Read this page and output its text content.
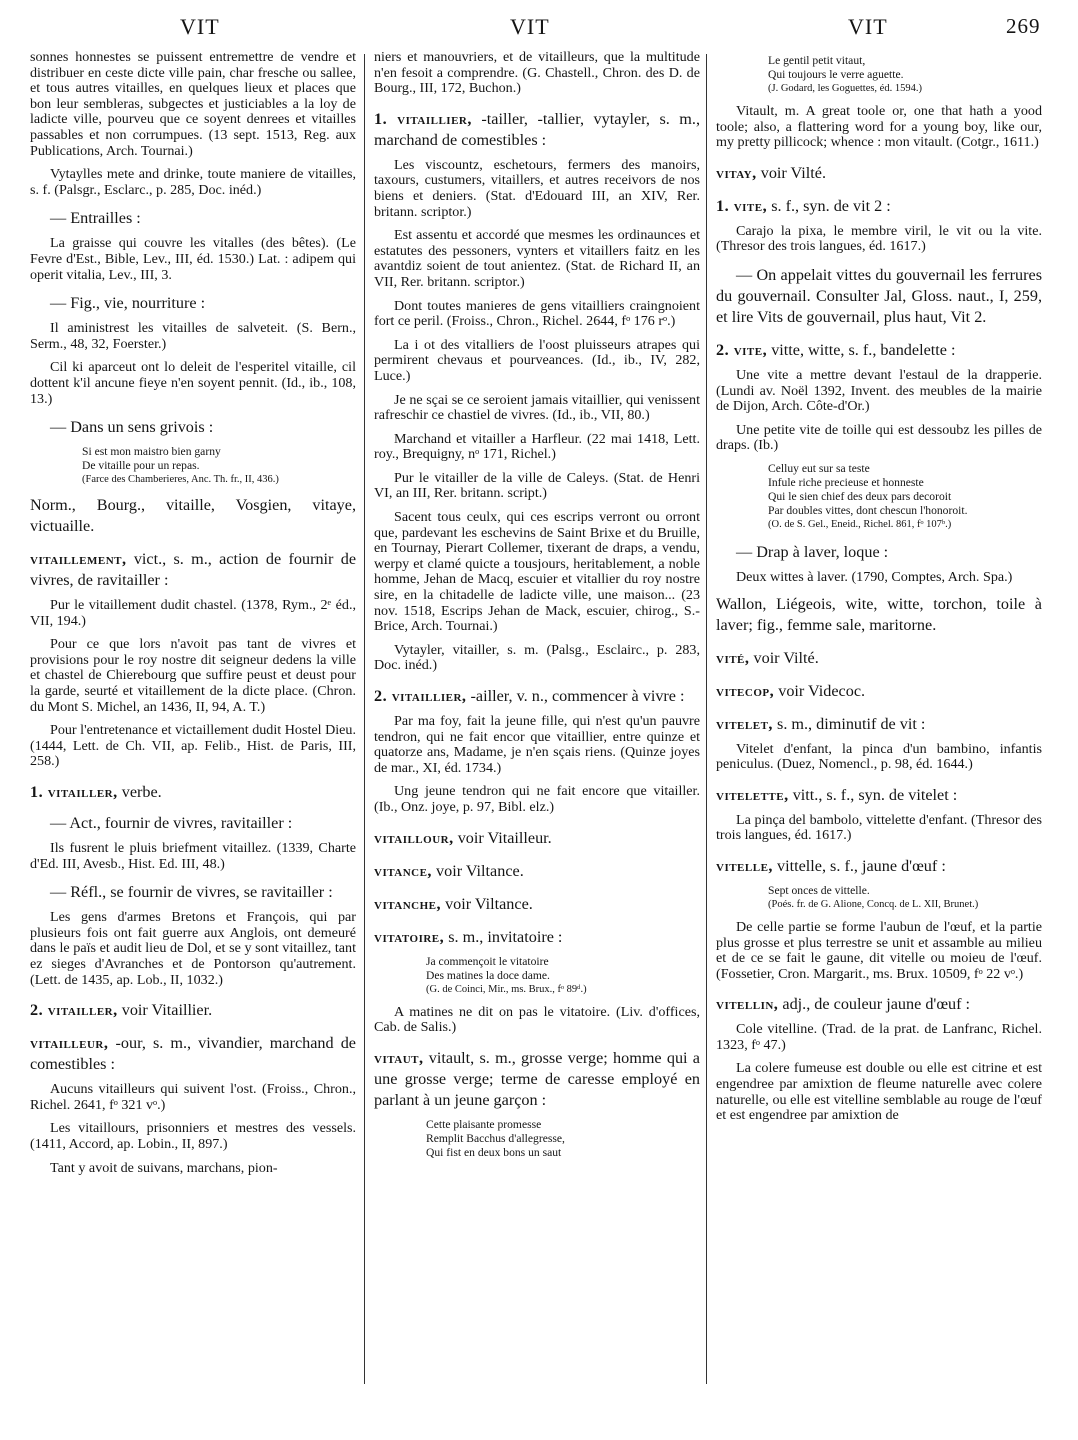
VIT	VIT	VIT	269
sonnes honnestes se puissent entremettre de vendre et distribuer en ceste dicte ville pain, char fresche ou sallee, et tous autres vitailles, en quelques lieux et places que bon leur sembleras, subgectes et justiciables a la loy de ladicte ville, pourveu que ce soyent denrees et vitailles passables et non corrumpues. (13 sept. 1513, Reg. aux Publications, Arch. Tournai.)
Vytaylles mete and drinke, toute maniere de vitailles, s. f. (Palsgr., Esclarc., p. 285, Doc. inéd.)
— Entrailles :
La graisse qui couvre les vitalles (des bêtes). (Le Fevre d'Est., Bible, Lev., III, éd. 1530.) Lat. : adipem qui operit vitalia, Lev., III, 3.
— Fig., vie, nourriture :
Il aministrest les vitailles de salveteit. (S. Bern., Serm., 48, 32, Foerster.)
Cil ki aparceut ont lo deleit de l'esperitel vitaille, cil dottent k'il ancune fieye n'en soyent pennit. (Id., ib., 108, 13.)
— Dans un sens grivois :
Si est mon maistro bien garny
De vitaille pour un repas.
(Farce des Chamberieres, Anc. Th. fr., II, 436.)
Norm., Bourg., vitaille, Vosgien, vitaye, victuaille.
vitaillement, vict., s. m., action de fournir de vivres, de ravitailler :
Pur le vitaillement dudit chastel. (1378, Rym., 2ᵉ éd., VII, 194.)
Pour ce que lors n'avoit pas tant de vivres et provisions pour le roy nostre dit seigneur dedens la ville et chastel de Chierebourg que suffire peust et deust pour la garde, seurté et vitaillement de la dicte place. (Chron. du Mont S. Michel, an 1436, II, 94, A. T.)
Pour l'entretenance et victaillement dudit Hostel Dieu. (1444, Lett. de Ch. VII, ap. Felib., Hist. de Paris, III, 258.)
1. vitailler, verbe.
— Act., fournir de vivres, ravitailler :
Ils fusrent le pluis briefment vitaillez. (1339, Charte d'Ed. III, Avesb., Hist. Ed. III, 48.)
— Réfl., se fournir de vivres, se ravitailler :
Les gens d'armes Bretons et François, qui par plusieurs fois ont fait guerre aux Anglois, ont demeuré dans le païs et audit lieu de Dol, et se y sont vitaillez, tant ez sieges d'Avranches et de Pontorson qu'autrement. (Lett. de 1435, ap. Lob., II, 1032.)
2. vitailler, voir Vitaillier.
vitailleur, -our, s. m., vivandier, marchand de comestibles :
Aucuns vitailleurs qui suivent l'ost. (Froiss., Chron., Richel. 2641, fᵒ 321 vᵒ.)
Les vitaillours, prisonniers et mestres des vessels. (1411, Accord, ap. Lobin., II, 897.)
Tant y avoit de suivans, marchans, pion-
niers et manouvriers, et de vitailleurs, que la multitude n'en fesoit a comprendre. (G. Chastell., Chron. des D. de Bourg., III, 172, Buchon.)
1. vitaillier, -tailler, -tallier, vytayler, s. m., marchand de comestibles :
Les viscountz, eschetours, fermers des manoirs, taxours, custumers, vitaillers, et autres receivors de nos biens et deniers. (Stat. d'Edouard III, an XIV, Rer. britann. scriptor.)
Est assentu et accordé que mesmes les ordinaunces et estatutes des pessoners, vynters et vitaillers faitz en les avantdiz soient de tout anientez. (Stat. de Richard II, an VII, Rer. britann. scriptor.)
Dont toutes manieres de gens vitailliers craingnoient fort ce peril. (Froiss., Chron., Richel. 2644, fᵒ 176 rᵒ.)
La i ot des vitalliers de l'oost pluisseurs atrapes qui permirent chevaus et pourveances. (Id., ib., IV, 282, Luce.)
Je ne sçai se ce seroient jamais vitaillier, qui venissent rafreschir ce chastiel de vivres. (Id., ib., VII, 80.)
Marchand et vitailler a Harfleur. (22 mai 1418, Lett. roy., Brequigny, nᵒ 171, Richel.)
Pur le vitailler de la ville de Caleys. (Stat. de Henri VI, an III, Rer. britann. script.)
Sacent tous ceulx, qui ces escrips verront ou orront que, pardevant les eschevins de Saint Brixe et du Bruille, en Tournay, Pierart Collemer, tixerant de draps, a vendu, werpy et clamé quicte a tousjours, heritablement, a noble homme, Jehan de Macq, escuier et vitallier du roy nostre sire, en la chitadelle de ladicte ville, une maison... (23 nov. 1518, Escrips Jehan de Mack, escuier, chirog., S.-Brice, Arch. Tournai.)
Vytayler, vitailler, s. m. (Palsg., Esclairc., p. 283, Doc. inéd.)
2. vitaillier, -ailler, v. n., commencer à vivre :
Par ma foy, fait la jeune fille, qui n'est qu'un pauvre tendron, qui ne fait encor que vitaillier, entre quinze et quatorze ans, Madame, je n'en sçais riens. (Quinze joyes de mar., XI, éd. 1734.)
Ung jeune tendron qui ne fait encore que vitailler. (Ib., Onz. joye, p. 97, Bibl. elz.)
vitaillour, voir Vitailleur.
vitance, voir Viltance.
vitanche, voir Viltance.
vitatoire, s. m., invitatoire :
Ja commençoit le vitatoire
Des matines la doce dame.
(G. de Coinci, Mir., ms. Brux., fᵒ 89ᵈ.)
A matines ne dit on pas le vitatoire. (Liv. d'offices, Cab. de Salis.)
vitaut, vitault, s. m., grosse verge; homme qui a une grosse verge; terme de caresse employé en parlant à un jeune garçon :
Cette plaisante promesse
Remplit Bacchus d'allegresse,
Qui fist en deux bons un saut
Le gentil petit vitaut,
Qui toujours le verre aguette.
(J. Godard, les Goguettes, éd. 1594.)
Vitault, m. A great toole or, one that hath a yood toole; also, a flattering word for a young boy, like our, my pretty pillicock; whence : mon vitault. (Cotgr., 1611.)
vitay, voir Vilté.
1. vite, s. f., syn. de vit 2 :
Carajo la pixa, le membre viril, le vit ou la vite. (Thresor des trois langues, éd. 1617.)
— On appelait vittes du gouvernail les ferrures du gouvernail. Consulter Jal, Gloss. naut., I, 259, et lire Vits de gouvernail, plus haut, Vit 2.
2. vite, vitte, witte, s. f., bandelette :
Une vite a mettre devant l'estaul de la drapperie. (Lundi av. Noël 1392, Invent. des meubles de la mairie de Dijon, Arch. Côte-d'Or.)
Une petite vite de toille qui est dessoubz les pilles de draps. (Ib.)
Celluy eut sur sa teste
Infule riche precieuse et honneste
Qui le sien chief des deux pars decoroit
Par doubles vittes, dont chescun l'honoroit.
(O. de S. Gel., Eneid., Richel. 861, fᵒ 107ᵇ.)
— Drap à laver, loque :
Deux wittes à laver. (1790, Comptes, Arch. Spa.)
Wallon, Liégeois, wite, witte, torchon, toile à laver; fig., femme sale, maritorne.
vité, voir Vilté.
vitecop, voir Videcoc.
vitelet, s. m., diminutif de vit :
Vitelet d'enfant, la pinca d'un bambino, infantis peniculus. (Duez, Nomencl., p. 98, éd. 1644.)
vitelette, vitt., s. f., syn. de vitelet :
La pinça del bambolo, vittelette d'enfant. (Thresor des trois langues, éd. 1617.)
vitelle, vittelle, s. f., jaune d'œuf :
Sept onces de vittelle.
(Poés. fr. de G. Alione, Concq. de L. XII, Brunet.)
De celle partie se forme l'aubun de l'œuf, et la partie plus grosse et plus terrestre se unit et assamble au milieu et de ce se fait le gaune, dit vitelle ou moieu de l'œuf. (Fossetier, Cron. Margarit., ms. Brux. 10509, fᵒ 22 vᵒ.)
vitellin, adj., de couleur jaune d'œuf :
Cole vitelline. (Trad. de la prat. de Lanfranc, Richel. 1323, fᵒ 47.)
La colere fumeuse est double ou elle est citrine et est engendree par amixtion de fleume naturelle avec colere naturelle, ou elle est vitelline semblable au rouge de l'œuf et est engendree par amixtion de
